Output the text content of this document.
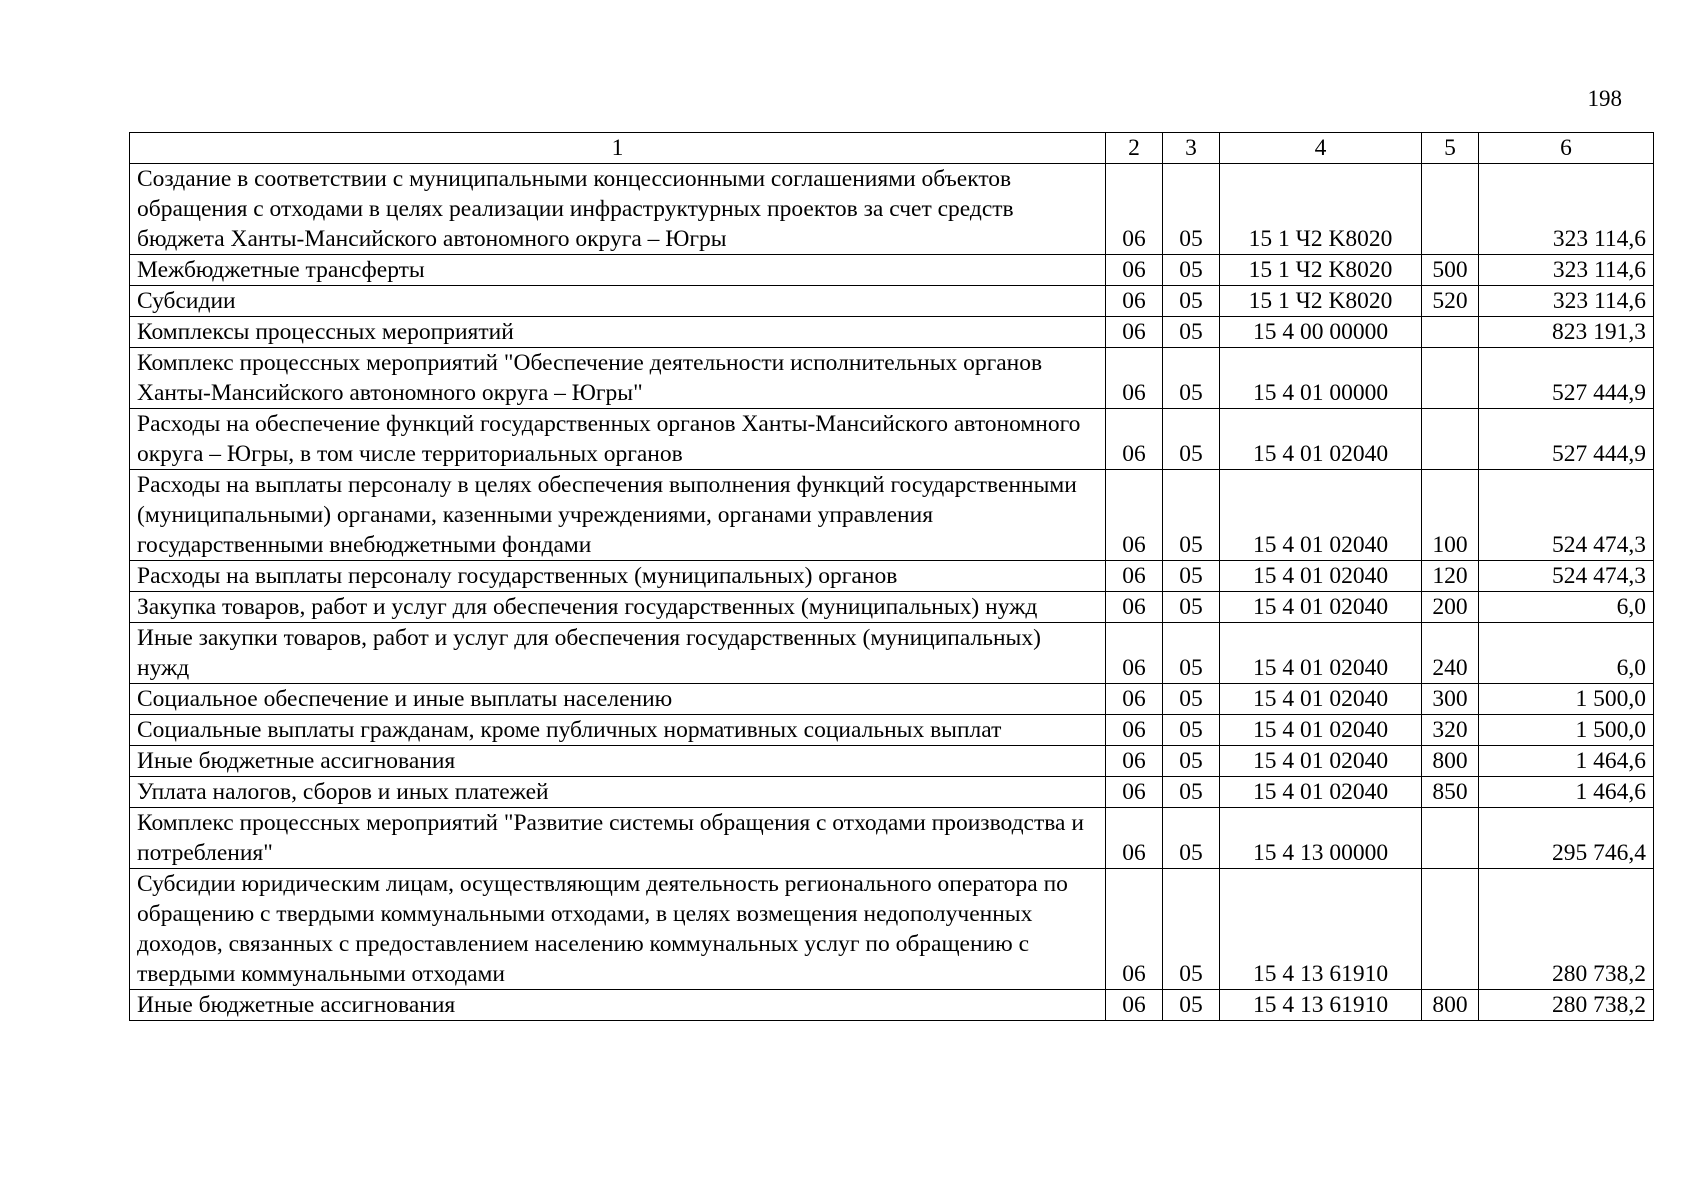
198
1	2	3	4	5	6
Создание в соответствии с муниципальными концессионными соглашениями объектов обращения с отходами в целях реализации инфраструктурных проектов за счет средств бюджета Ханты-Мансийского автономного округа – Югры	06	05	15 1 Ч2 K8020		323 114,6
Межбюджетные трансферты	06	05	15 1 Ч2 K8020	500	323 114,6
Субсидии	06	05	15 1 Ч2 K8020	520	323 114,6
Комплексы процессных мероприятий	06	05	15 4 00 00000		823 191,3
Комплекс процессных мероприятий "Обеспечение деятельности исполнительных органов Ханты-Мансийского автономного округа – Югры"	06	05	15 4 01 00000		527 444,9
Расходы на обеспечение функций государственных органов Ханты-Мансийского автономного округа – Югры, в том числе территориальных органов	06	05	15 4 01 02040		527 444,9
Расходы на выплаты персоналу в целях обеспечения выполнения функций государственными (муниципальными) органами, казенными учреждениями, органами управления государственными внебюджетными фондами	06	05	15 4 01 02040	100	524 474,3
Расходы на выплаты персоналу государственных (муниципальных) органов	06	05	15 4 01 02040	120	524 474,3
Закупка товаров, работ и услуг для обеспечения государственных (муниципальных) нужд	06	05	15 4 01 02040	200	6,0
Иные закупки товаров, работ и услуг для обеспечения государственных (муниципальных) нужд	06	05	15 4 01 02040	240	6,0
Социальное обеспечение и иные выплаты населению	06	05	15 4 01 02040	300	1 500,0
Социальные выплаты гражданам, кроме публичных нормативных социальных выплат	06	05	15 4 01 02040	320	1 500,0
Иные бюджетные ассигнования	06	05	15 4 01 02040	800	1 464,6
Уплата налогов, сборов и иных платежей	06	05	15 4 01 02040	850	1 464,6
Комплекс процессных мероприятий "Развитие системы обращения с отходами производства и потребления"	06	05	15 4 13 00000		295 746,4
Субсидии юридическим лицам, осуществляющим деятельность регионального оператора по обращению с твердыми коммунальными отходами, в целях возмещения недополученных доходов, связанных с предоставлением населению коммунальных услуг по обращению с твердыми коммунальными отходами	06	05	15 4 13 61910		280 738,2
Иные бюджетные ассигнования	06	05	15 4 13 61910	800	280 738,2
